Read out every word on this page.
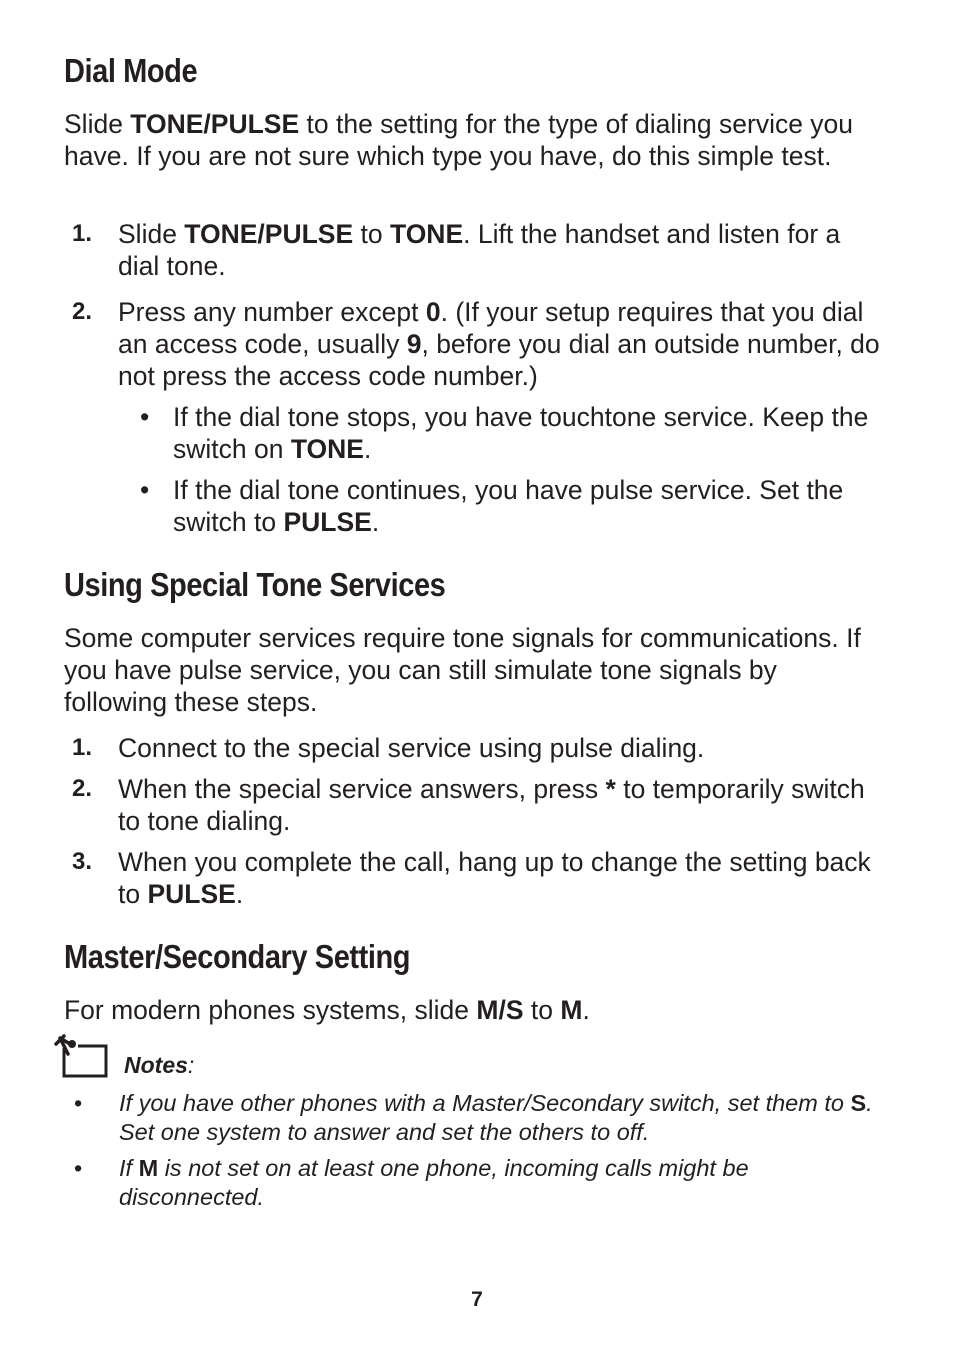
Dial Mode

Slide TONE/PULSE to the setting for the type of dialing service you have. If you are not sure which type you have, do this simple test.

1. Slide TONE/PULSE to TONE. Lift the handset and listen for a dial tone.
2. Press any number except 0. (If your setup requires that you dial an access code, usually 9, before you dial an outside number, do not press the access code number.)
• If the dial tone stops, you have touchtone service. Keep the switch on TONE.
• If the dial tone continues, you have pulse service. Set the switch to PULSE.
Using Special Tone Services

Some computer services require tone signals for communications. If you have pulse service, you can still simulate tone signals by following these steps.

1. Connect to the special service using pulse dialing.
2. When the special service answers, press * to temporarily switch to tone dialing.
3. When you complete the call, hang up to change the setting back to PULSE.
Master/Secondary Setting

For modern phones systems, slide M/S to M.

Notes:
• If you have other phones with a Master/Secondary switch, set them to S. Set one system to answer and set the others to off.
• If M is not set on at least one phone, incoming calls might be disconnected.
7
